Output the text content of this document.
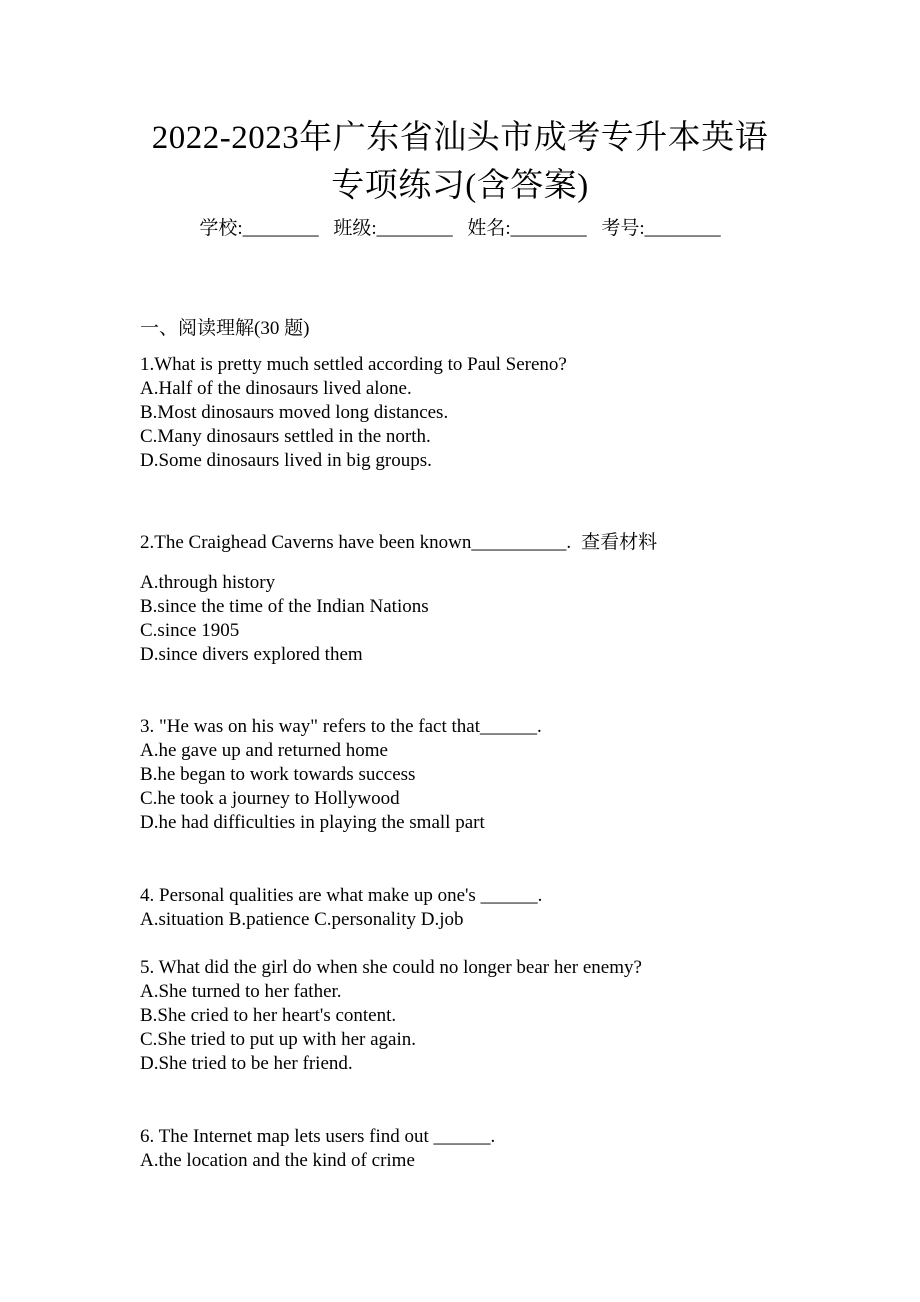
2022-2023年广东省汕头市成考专升本英语
专项练习(含答案)
学校:________ 班级:________ 姓名:________ 考号:________
一、阅读理解(30 题)
1.What is pretty much settled according to Paul Sereno?
A.Half of the dinosaurs lived alone.
B.Most dinosaurs moved long distances.
C.Many dinosaurs settled in the north.
D.Some dinosaurs lived in big groups.
2.The Craighead Caverns have been known__________. 查看材料
A.through history
B.since the time of the Indian Nations
C.since 1905
D.since divers explored them
3. "He was on his way" refers to the fact that______.
A.he gave up and returned home
B.he began to work towards success
C.he took a journey to Hollywood
D.he had difficulties in playing the small part
4. Personal qualities are what make up one's ______.
A.situation B.patience C.personality D.job
5. What did the girl do when she could no longer bear her enemy?
A.She turned to her father.
B.She cried to her heart's content.
C.She tried to put up with her again.
D.She tried to be her friend.
6. The Internet map lets users find out ______.
A.the location and the kind of crime
